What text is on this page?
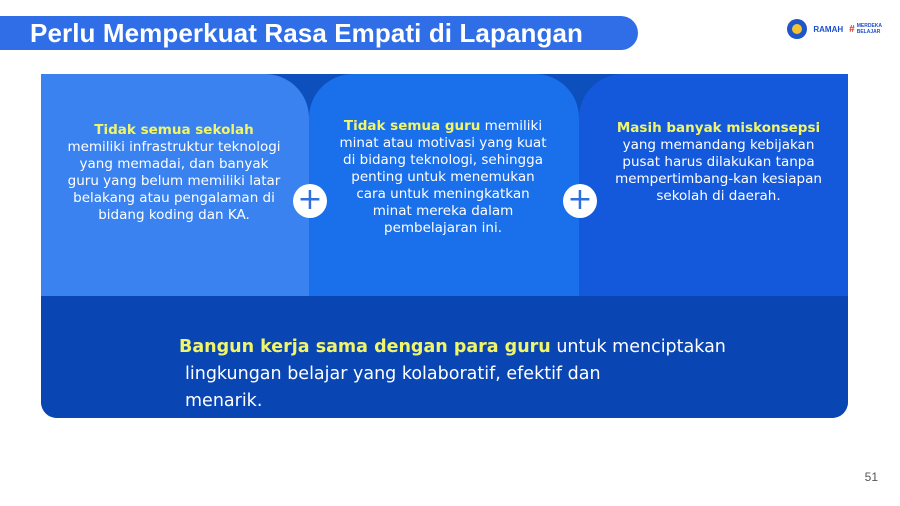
Perlu Memperkuat Rasa Empati di Lapangan	RAMAH # MERDEKA
BELAJAR
Tidak semua sekolah memiliki infrastruktur teknologi yang memadai, dan banyak guru yang belum memiliki latar belakang atau pengalaman di bidang koding dan KA.
Tidak semua guru memiliki minat atau motivasi yang kuat di bidang teknologi, sehingga penting untuk menemukan cara untuk meningkatkan minat mereka dalam pembelajaran ini.
Masih banyak miskonsepsi yang memandang kebijakan pusat harus dilakukan tanpa mempertimbang-kan kesiapan sekolah di daerah.
+	+
Bangun kerja sama dengan para guru untuk menciptakan
lingkungan belajar yang kolaboratif, efektif dan
menarik.
51
